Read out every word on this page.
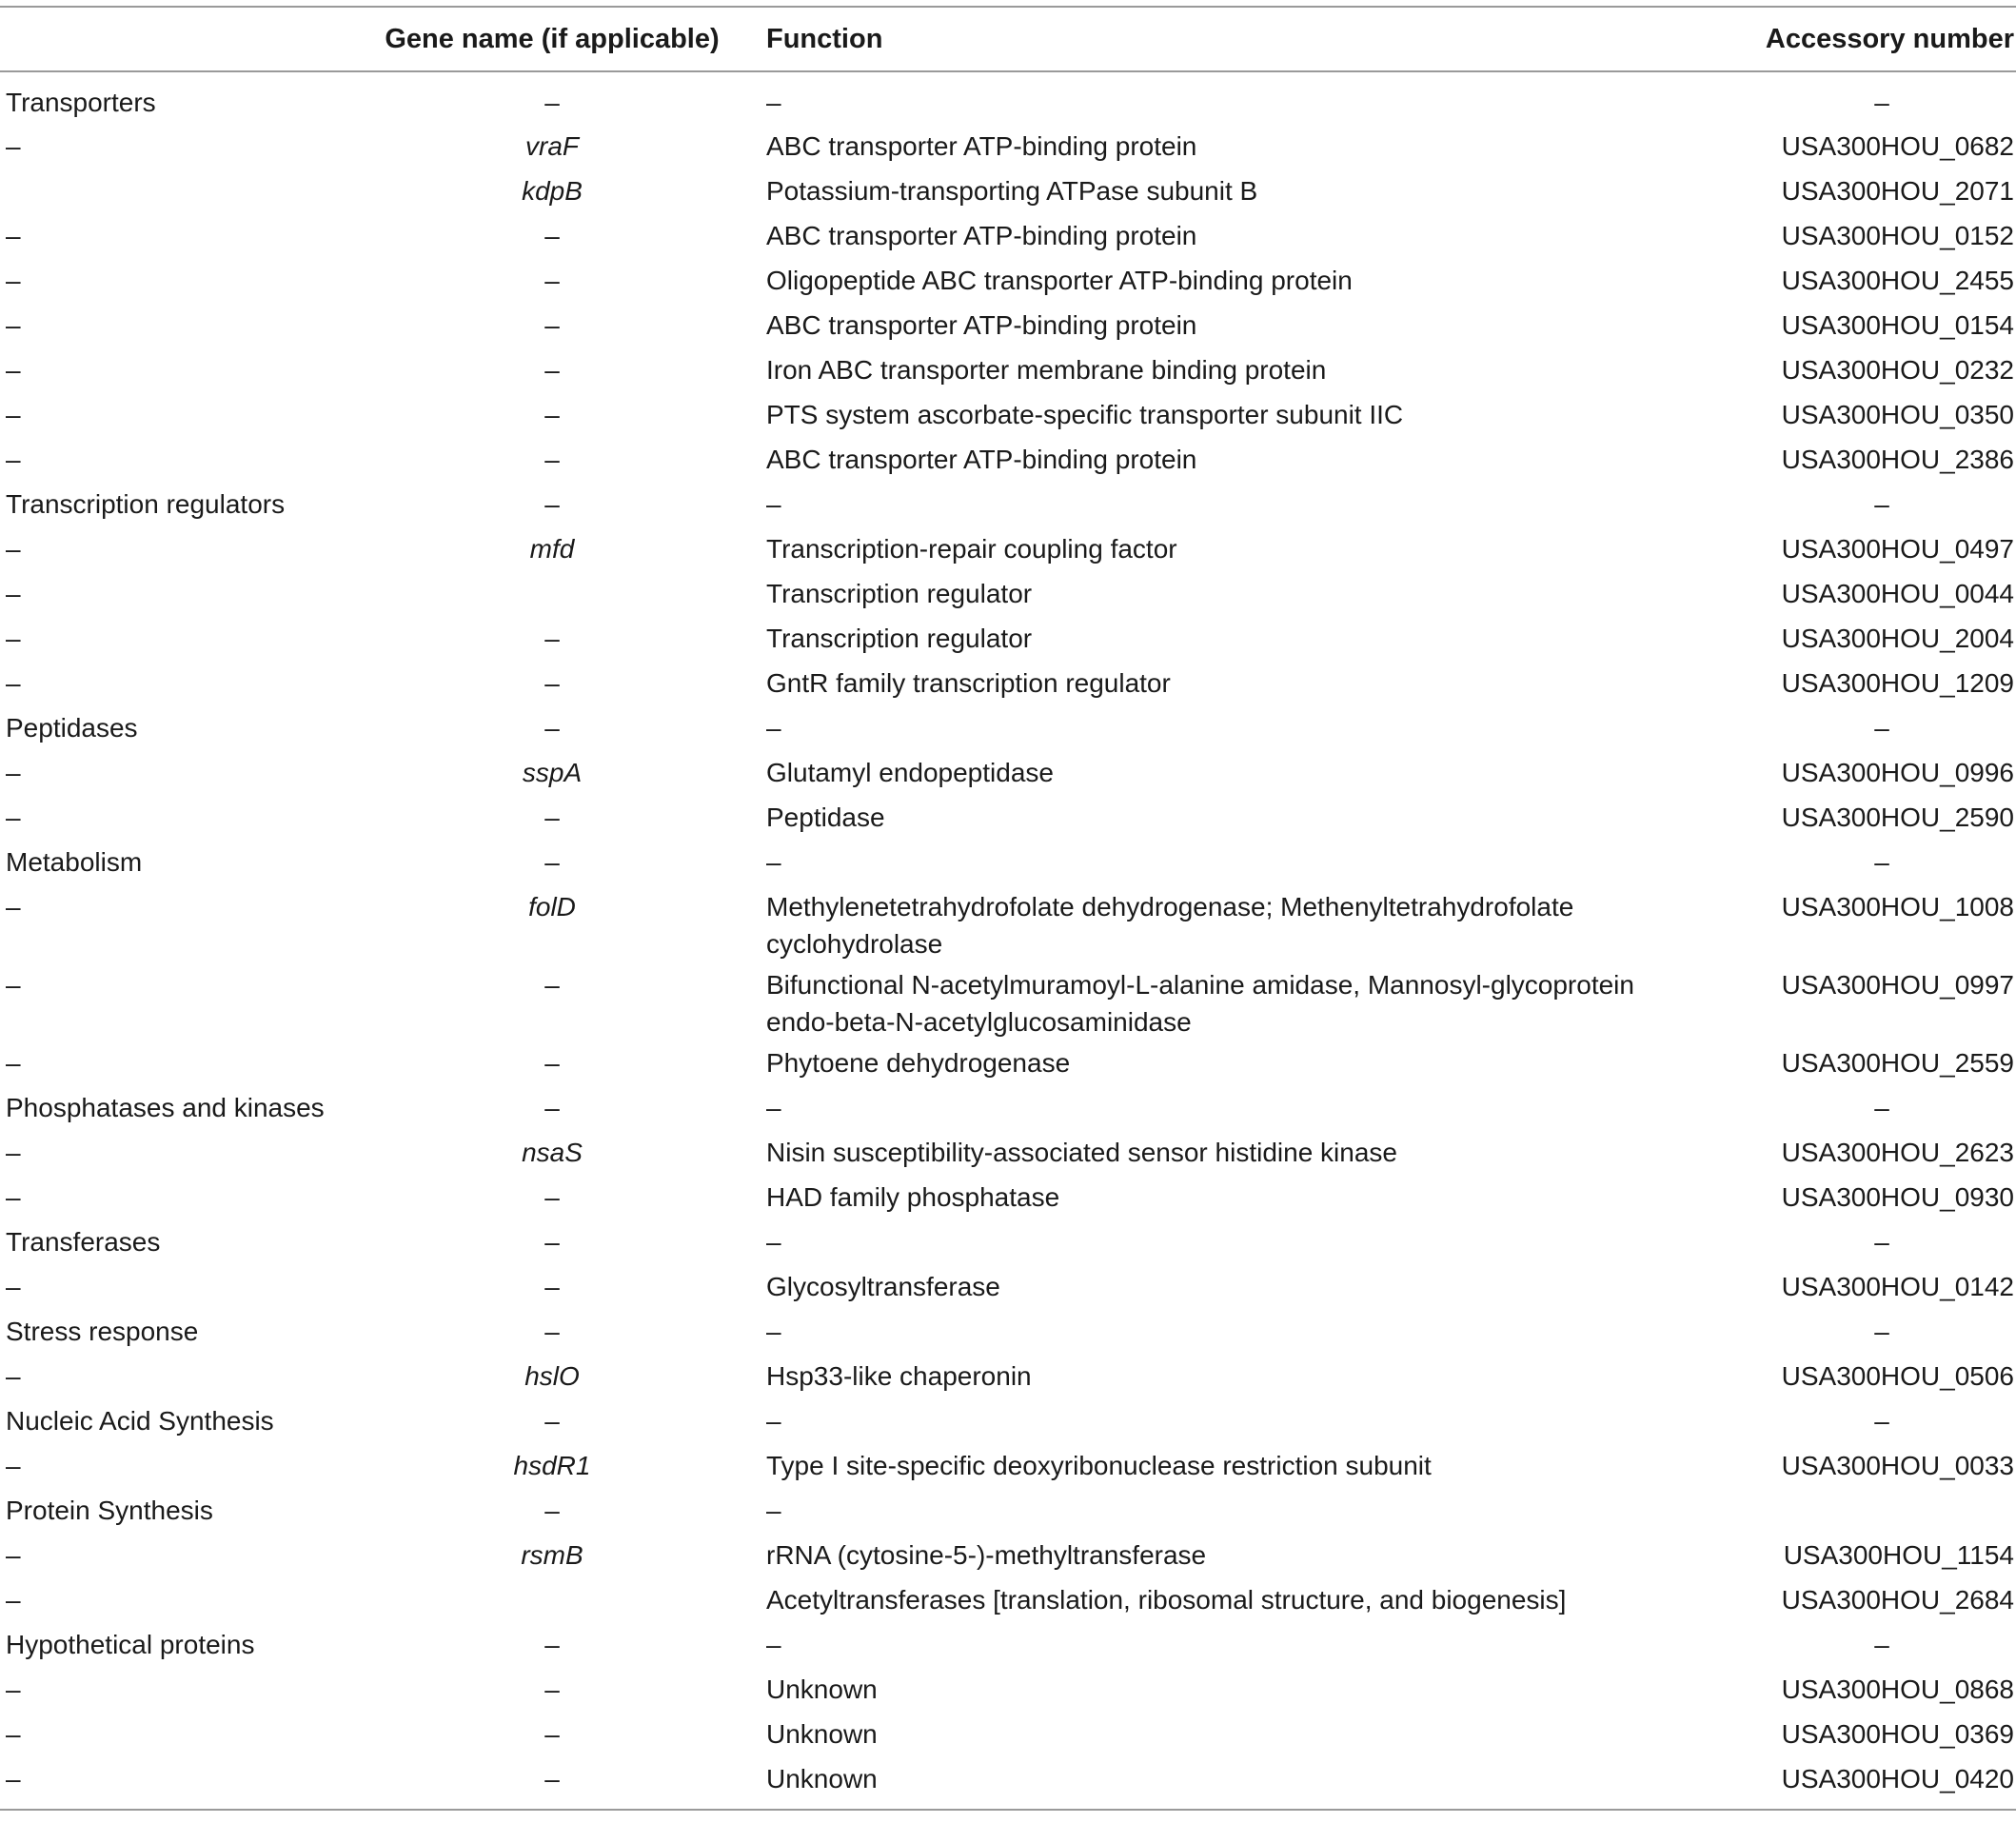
	Gene name (if applicable)	Function	Accessory number
Transporters	–	–	–
–	vraF	ABC transporter ATP-binding protein	USA300HOU_0682
	kdpB	Potassium-transporting ATPase subunit B	USA300HOU_2071
–	–	ABC transporter ATP-binding protein	USA300HOU_0152
–	–	Oligopeptide ABC transporter ATP-binding protein	USA300HOU_2455
–	–	ABC transporter ATP-binding protein	USA300HOU_0154
–	–	Iron ABC transporter membrane binding protein	USA300HOU_0232
–	–	PTS system ascorbate-specific transporter subunit IIC	USA300HOU_0350
–	–	ABC transporter ATP-binding protein	USA300HOU_2386
Transcription regulators	–	–	–
–	mfd	Transcription-repair coupling factor	USA300HOU_0497
–		Transcription regulator	USA300HOU_0044
–	–	Transcription regulator	USA300HOU_2004
–	–	GntR family transcription regulator	USA300HOU_1209
Peptidases	–	–	–
–	sspA	Glutamyl endopeptidase	USA300HOU_0996
–	–	Peptidase	USA300HOU_2590
Metabolism	–	–	–
–	folD	Methylenetetrahydrofolate dehydrogenase; Methenyltetrahydrofolate cyclohydrolase	USA300HOU_1008
–	–	Bifunctional N-acetylmuramoyl-L-alanine amidase, Mannosyl-glycoprotein endo-beta-N-acetylglucosaminidase	USA300HOU_0997
–	–	Phytoene dehydrogenase	USA300HOU_2559
Phosphatases and kinases	–	–	–
–	nsaS	Nisin susceptibility-associated sensor histidine kinase	USA300HOU_2623
–	–	HAD family phosphatase	USA300HOU_0930
Transferases	–	–	–
–	–	Glycosyltransferase	USA300HOU_0142
Stress response	–	–	–
–	hslO	Hsp33-like chaperonin	USA300HOU_0506
Nucleic Acid Synthesis	–	–	–
–	hsdR1	Type I site-specific deoxyribonuclease restriction subunit	USA300HOU_0033
Protein Synthesis	–	–	
–	rsmB	rRNA (cytosine-5-)-methyltransferase	USA300HOU_1154
–		Acetyltransferases [translation, ribosomal structure, and biogenesis]	USA300HOU_2684
Hypothetical proteins	–	–	–
–	–	Unknown	USA300HOU_0868
–	–	Unknown	USA300HOU_0369
–	–	Unknown	USA300HOU_0420
